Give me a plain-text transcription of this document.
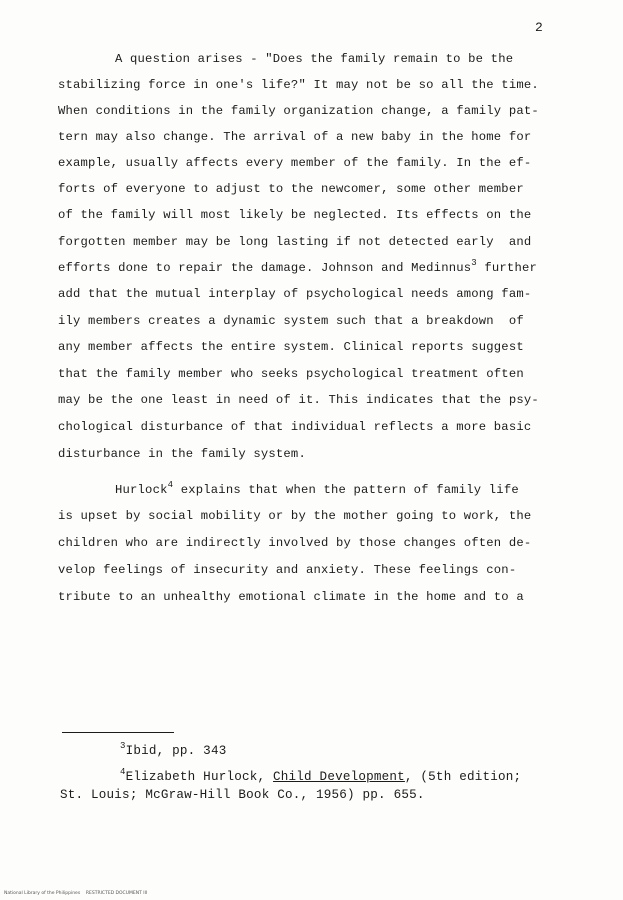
2
A question arises - "Does the family remain to be the
stabilizing force in one's life?" It may not be so all the time.
When conditions in the family organization change, a family pat-
tern may also change. The arrival of a new baby in the home for
example, usually affects every member of the family. In the ef-
forts of everyone to adjust to the newcomer, some other member
of the family will most likely be neglected. Its effects on the
forgotten member may be long lasting if not detected early  and
efforts done to repair the damage. Johnson and Medinnus$^3$ further
add that the mutual interplay of psychological needs among fam-
ily members creates a dynamic system such that a breakdown  of
any member affects the entire system. Clinical reports suggest
that the family member who seeks psychological treatment often
may be the one least in need of it. This indicates that the psy-
chological disturbance of that individual reflects a more basic
disturbance in the family system.
Hurlock$^4$ explains that when the pattern of family life
is upset by social mobility or by the mother going to work, the
children who are indirectly involved by those changes often de-
velop feelings of insecurity and anxiety. These feelings con-
tribute to an unhealthy emotional climate in the home and to a
$^3$Ibid, pp. 343
$^4$Elizabeth Hurlock, Child Development, (5th edition;
St. Louis; McGraw-Hill Book Co., 1956) pp. 655.
National Library of the Philippines    RESTRICTED DOCUMENT III
